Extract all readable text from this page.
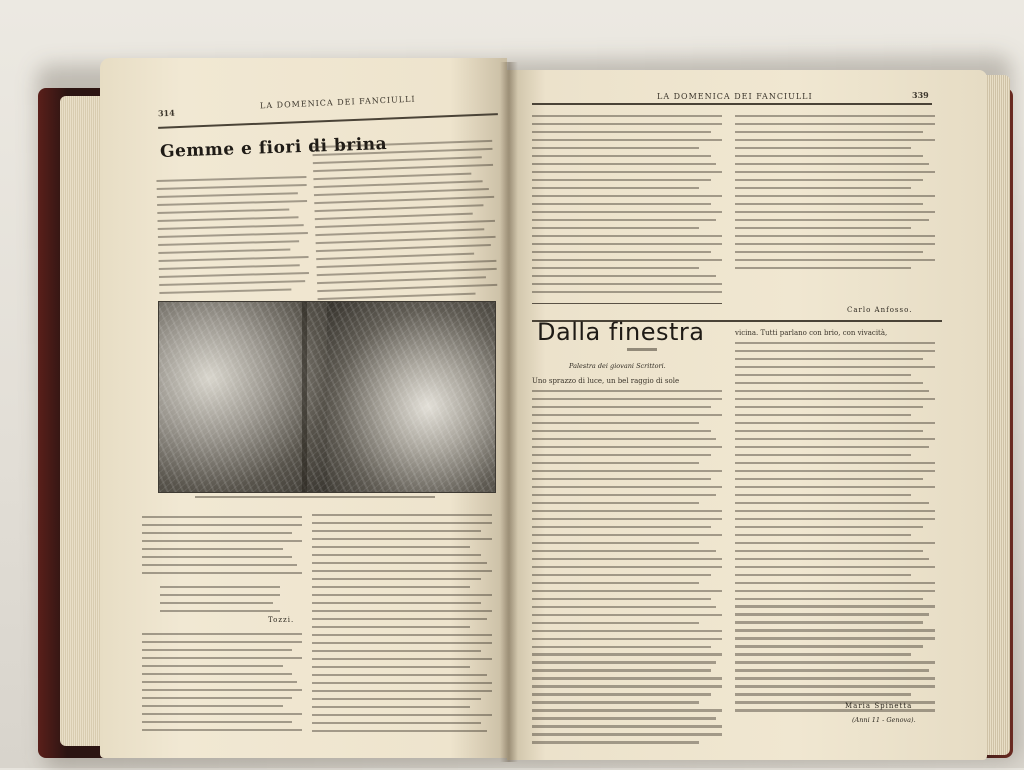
314
LA DOMENICA DEI FANCIULLI
Gemme e fiori di brina
Tozzi.
LA DOMENICA DEI FANCIULLI	339
Carlo Anfosso.
Dalla finestra
Palestra dei giovani Scrittori.
Uno sprazzo di luce, un bel raggio di sole
vicina. Tutti parlano con brio, con vivacità,
Maria Spinetta
(Anni 11 - Genova).
